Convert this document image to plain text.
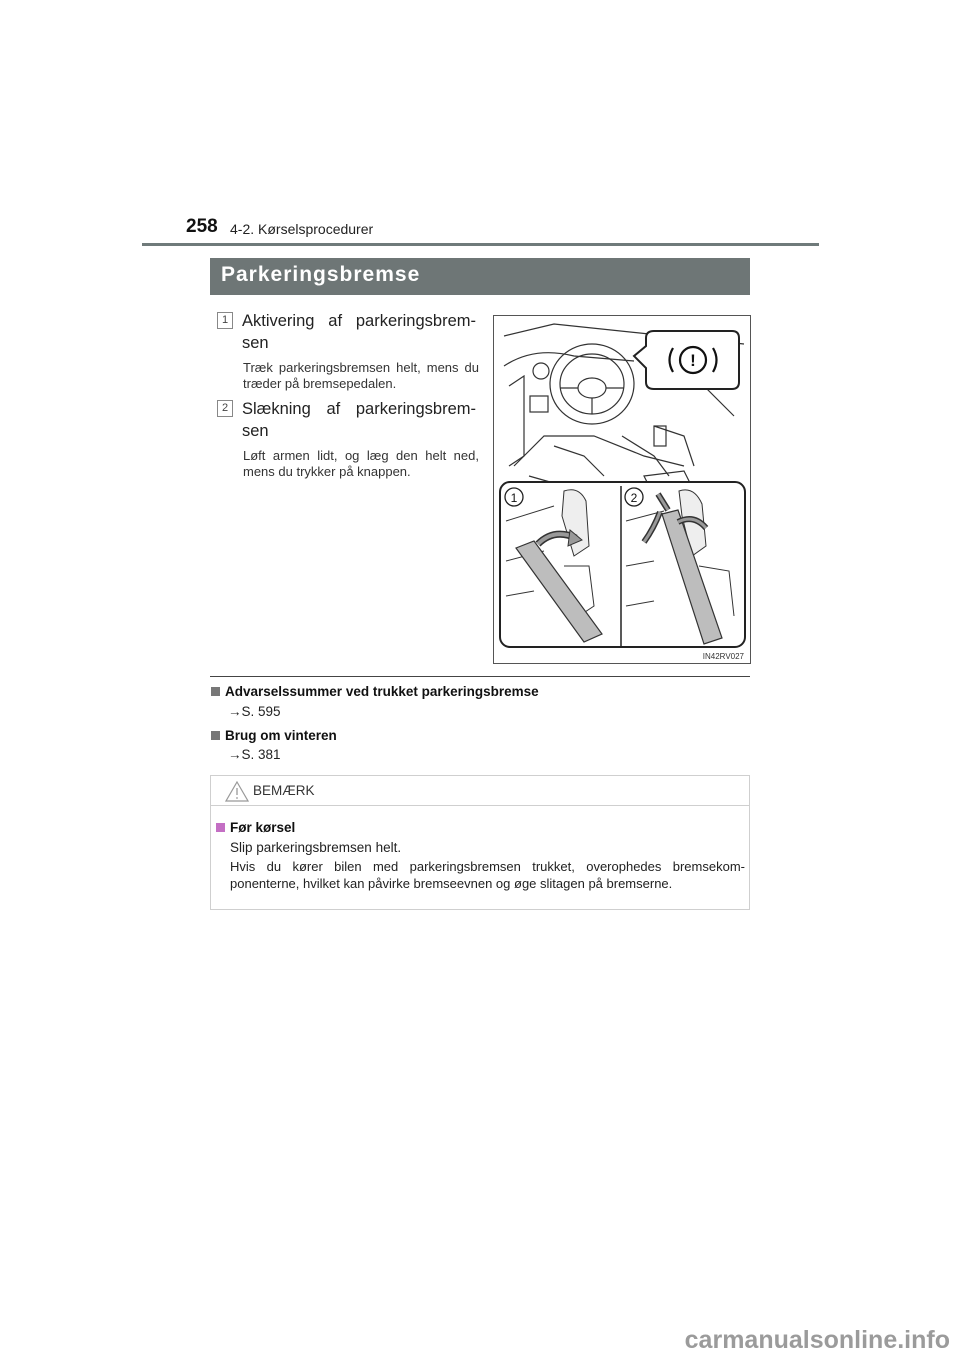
258 4-2. Kørselsprocedurer
Parkeringsbremse
1 Aktivering af parkeringsbrem-sen
Træk parkeringsbremsen helt, mens du træder på bremsepedalen.
2 Slækning af parkeringsbrem-sen
Løft armen lidt, og læg den helt ned, mens du trykker på knappen.
!
1	2
IN42RV027
Advarselssummer ved trukket parkeringsbremse
→S. 595
Brug om vinteren
→S. 381
BEMÆRK
Før kørsel
Slip parkeringsbremsen helt.
Hvis du kører bilen med parkeringsbremsen trukket, overophedes bremsekom-ponenterne, hvilket kan påvirke bremseevnen og øge slitagen på bremserne.
carmanualsonline.info
